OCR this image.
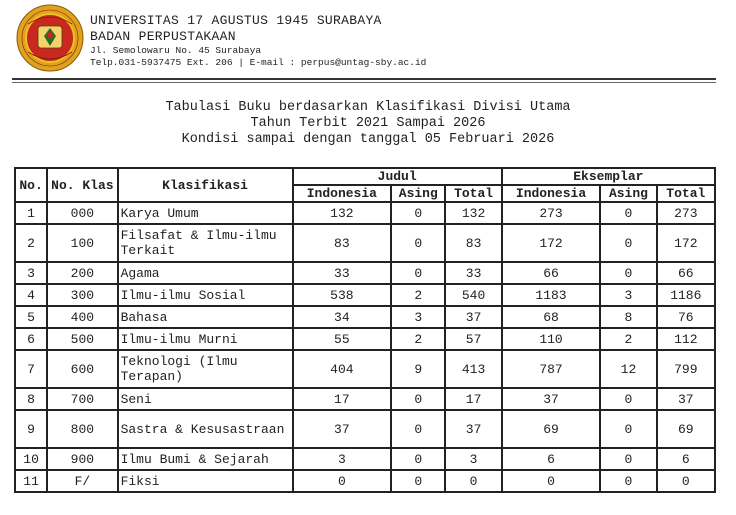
UNIVERSITAS 17 AGUSTUS 1945 SURABAYA
BADAN PERPUSTAKAAN
Jl. Semolowaru No. 45 Surabaya
Telp.031-5937475 Ext. 206 | E-mail : perpus@untag-sby.ac.id
Tabulasi Buku berdasarkan Klasifikasi Divisi Utama
Tahun Terbit 2021 Sampai 2026
Kondisi sampai dengan tanggal 05 Februari 2026
No.	No. Klas	Klasifikasi	Judul			Eksemplar		
			Indonesia	Asing	Total	Indonesia	Asing	Total
1	000	Karya Umum	132	0	132	273	0	273
2	100	Filsafat & Ilmu-ilmu Terkait	83	0	83	172	0	172
3	200	Agama	33	0	33	66	0	66
4	300	Ilmu-ilmu Sosial	538	2	540	1183	3	1186
5	400	Bahasa	34	3	37	68	8	76
6	500	Ilmu-ilmu Murni	55	2	57	110	2	112
7	600	Teknologi (Ilmu Terapan)	404	9	413	787	12	799
8	700	Seni	17	0	17	37	0	37
9	800	Sastra & Kesusastraan	37	0	37	69	0	69
10	900	Ilmu Bumi & Sejarah	3	0	3	6	0	6
11	F/	Fiksi	0	0	0	0	0	0
